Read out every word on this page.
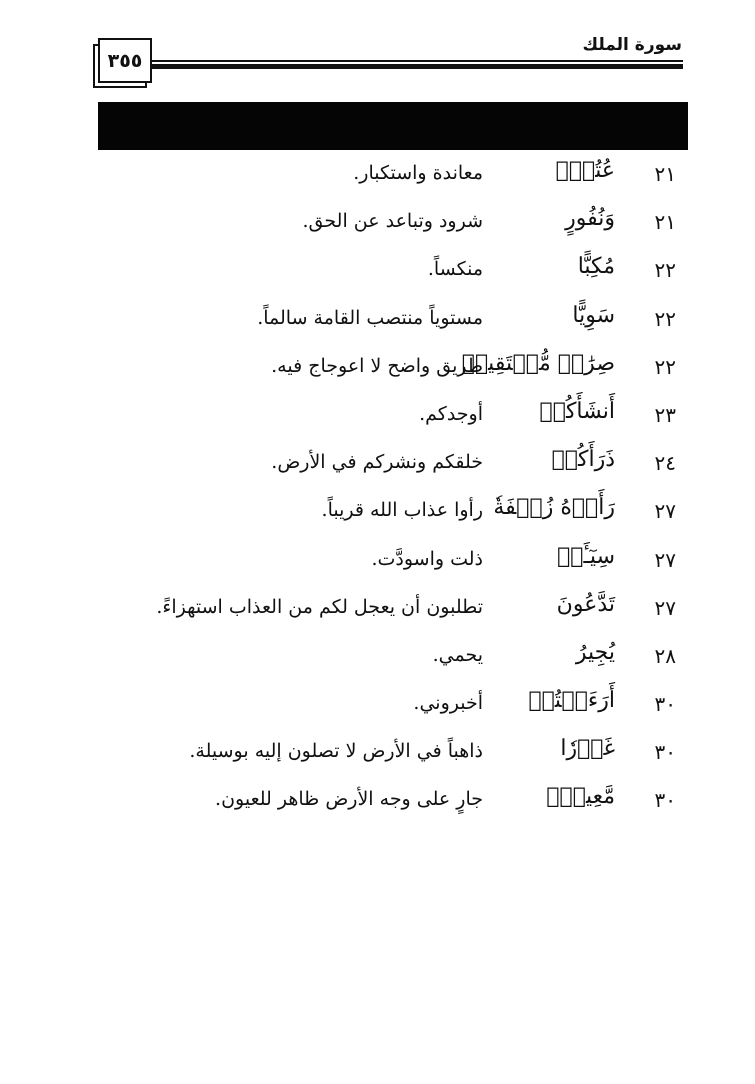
٣٥٥
سورة الملك
٢١
عُتُوّٖ
معاندة واستكبار.
٢١
وَنُفُورٍ
شرود وتباعد عن الحق.
٢٢
مُكِبًّا
منكساً.
٢٢
سَوِيًّا
مستوياً منتصب القامة سالماً.
٢٢
صِرَٰطٖ مُّسۡتَقِيمٖ
طريق واضح لا اعوجاج فيه.
٢٣
أَنشَأَكُمۡ
أوجدكم.
٢٤
ذَرَأَكُمۡ
خلقكم ونشركم في الأرض.
٢٧
رَأَوۡهُ زُلۡفَةٗ
رأوا عذاب الله قريباً.
٢٧
سِيٓـَٔتۡ
ذلت واسودَّت.
٢٧
تَدَّعُونَ
تطلبون أن يعجل لكم من العذاب استهزاءً.
٢٨
يُجِيرُ
يحمي.
٣٠
أَرَءَيۡتُمۡ
أخبروني.
٣٠
غَوۡرٗا
ذاهباً في الأرض لا تصلون إليه بوسيلة.
٣٠
مَّعِينِۭ
جارٍ على وجه الأرض ظاهر للعيون.
